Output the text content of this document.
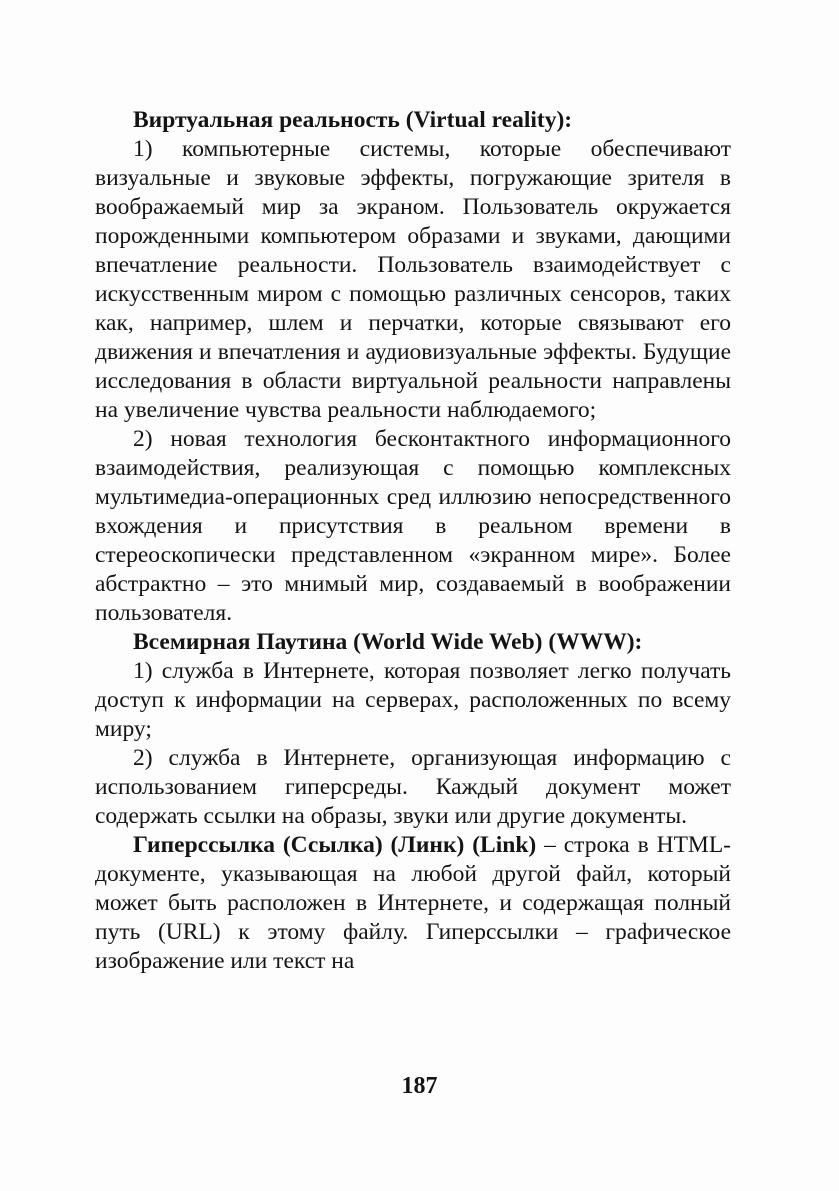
Виртуальная реальность (Virtual reality):

1) компьютерные системы, которые обеспечивают визуальные и звуковые эффекты, погружающие зрителя в воображаемый мир за экраном. Пользователь окружается порожденными компьютером образами и звуками, дающими впечатление реальности. Пользователь взаимодействует с искусственным миром с помощью различных сенсоров, таких как, например, шлем и перчатки, которые связывают его движения и впечатления и аудиовизуальные эффекты. Будущие исследования в области виртуальной реальности направлены на увеличение чувства реальности наблюдаемого;

2) новая технология бесконтактного информационного взаимодействия, реализующая с помощью комплексных мультимедиа-операционных сред иллюзию непосредственного вхождения и присутствия в реальном времени в стереоскопически представленном «экранном мире». Более абстрактно – это мнимый мир, создаваемый в воображении пользователя.

Всемирная Паутина (World Wide Web) (WWW):

1) служба в Интернете, которая позволяет легко получать доступ к информации на серверах, расположенных по всему миру;

2) служба в Интернете, организующая информацию с использованием гиперсреды. Каждый документ может содержать ссылки на образы, звуки или другие документы.

Гиперссылка (Ссылка) (Линк) (Link) – строка в HTML-документе, указывающая на любой другой файл, который может быть расположен в Интернете, и содержащая полный путь (URL) к этому файлу. Гиперссылки – графическое изображение или текст на

187
